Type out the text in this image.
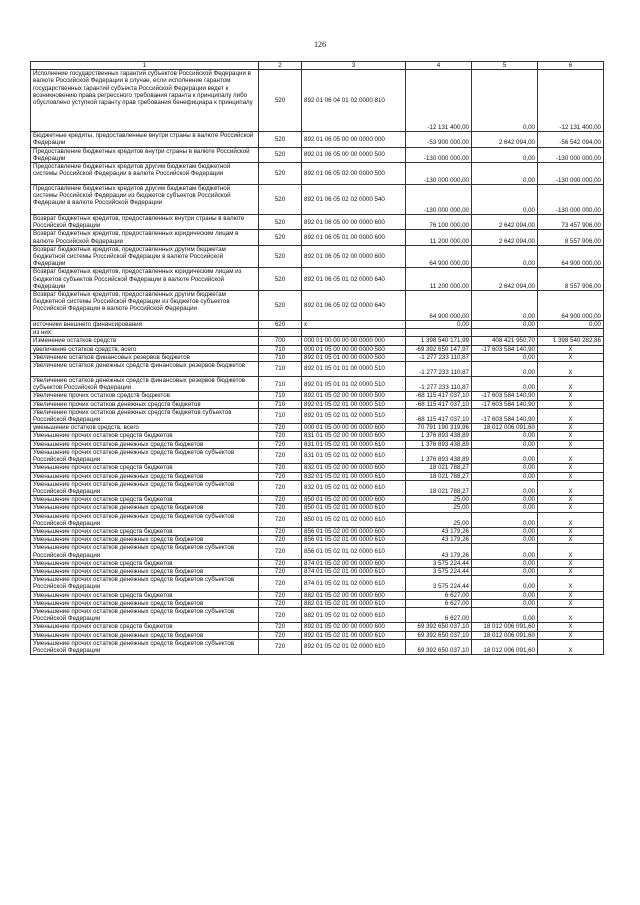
126
1	2	3	4	5	6
Исполнение государственных гарантий субъектов Российской Федерации в валюте Российской Федерации в случае, если исполнение гарантом государственных гарантий субъекта Российской Федерации ведет к возникновению права регрессного требования гаранта к принципалу либо обусловлено уступкой гаранту прав требования бенефициара к принципалу	520	892 01 06 04 01 02 0000 810	-12 131 400,00	0,00	-12 131 400,00
Бюджетные кредиты, предоставленные внутри страны в валюте Российской Федерации	520	892 01 06 05 00 00 0000 000	-53 900 000,00	2 642 094,00	-56 542 094,00
Предоставление бюджетных кредитов внутри страны в валюте Российской Федерации	520	892 01 06 05 00 00 0000 500	-130 000 000,00	0,00	-130 000 000,00
Предоставление бюджетных кредитов другим бюджетам бюджетной системы Российской Федерации в валюте Российской Федерации	520	892 01 06 05 02 00 0000 500	-130 000 000,00	0,00	-130 000 000,00
Предоставление бюджетных кредитов другим бюджетам бюджетной системы Российской Федерации из бюджетов субъектов Российской Федерации в валюте Российской Федерации	520	892 01 06 05 02 02 0000 540	-130 000 000,00	0,00	-130 000 000,00
Возврат бюджетных кредитов, предоставленных внутри страны в валюте Российской Федерации	520	892 01 06 05 00 00 0000 600	76 100 000,00	2 642 094,00	73 457 906,00
Возврат бюджетных кредитов, предоставленных юридическим лицам в валюте Российской Федерации	520	892 01 06 05 01 00 0000 600	11 200 000,00	2 642 094,00	8 557 906,00
Возврат бюджетных кредитов, предоставленных другим бюджетам бюджетной системы Российской Федерации в валюте Российской Федерации	520	892 01 06 05 02 00 0000 600	64 900 000,00	0,00	64 900 000,00
Возврат бюджетных кредитов, предоставленных юридическим лицам из бюджетов субъектов Российской Федерации в валюте Российской Федерации	520	892 01 06 05 01 02 0000 640	11 200 000,00	2 642 094,00	8 557 906,00
Возврат бюджетных кредитов, предоставленных другим бюджетам бюджетной системы Российской Федерации из бюджетов субъектов Российской Федерации в валюте Российской Федерации	520	892 01 06 05 02 02 0000 640	64 900 000,00	0,00	64 900 000,00
источники внешнего финансирования	620	x	0,00	0,00	0,00
из них:					
Изменение остатков средств	700	000 01 00 00 00 00 0000 000	1 398 540 171,99	408 421 950,70	1 398 540 282,86
увеличение остатков средств, всего	710	000 01 05 00 00 00 0000 500	-69 392 650 147,97	-17 603 584 140,90	X
Увеличение остатков финансовых резервов бюджетов	710	892 01 05 01 00 00 0000 500	-1 277 233 110,87	0,00	X
Увеличение остатков денежных средств финансовых резервов бюджетов	710	892 01 05 01 01 00 0000 510	-1 277 233 110,87	0,00	X
Увеличение остатков денежных средств финансовых резервов бюджетов субъектов Российской Федерации	710	892 01 05 01 01 02 0000 510	-1 277 233 110,87	0,00	X
Увеличение прочих остатков средств бюджетов	710	892 01 05 02 00 00 0000 500	-68 115 417 037,10	-17 603 584 140,90	X
Увеличение прочих остатков денежных средств бюджетов	710	892 01 05 02 01 00 0000 510	-68 115 417 037,10	-17 603 584 140,90	X
Увеличение прочих остатков денежных средств бюджетов субъектов Российской Федерации	710	892 01 05 02 01 02 0000 510	-68 115 417 037,10	-17 603 584 140,90	X
уменьшение остатков средств, всего	720	000 01 05 00 00 00 0000 600	70 791 190 319,96	18 012 006 091,60	X
Уменьшение прочих остатков средств бюджетов	720	831 01 05 02 00 00 0000 600	1 376 893 438,89	0,00	X
Уменьшение прочих остатков денежных средств бюджетов	720	831 01 05 02 01 00 0000 610	1 376 893 438,89	0,00	X
Уменьшение прочих остатков денежных средств бюджетов субъектов Российской Федерации	720	831 01 05 02 01 02 0000 610	1 376 893 438,89	0,00	X
Уменьшение прочих остатков средств бюджетов	720	832 01 05 02 00 00 0000 600	18 021 788,27	0,00	X
Уменьшение прочих остатков денежных средств бюджетов	720	832 01 05 02 01 00 0000 610	18 021 788,27	0,00	X
Уменьшение прочих остатков денежных средств бюджетов субъектов Российской Федерации	720	832 01 05 02 01 02 0000 610	18 021 788,27	0,00	X
Уменьшение прочих остатков средств бюджетов	720	850 01 05 02 00 00 0000 600	25,00	0,00	X
Уменьшение прочих остатков денежных средств бюджетов	720	850 01 05 02 01 00 0000 610	25,00	0,00	X
Уменьшение прочих остатков денежных средств бюджетов субъектов Российской Федерации	720	850 01 05 02 01 02 0000 610	25,00	0,00	X
Уменьшение прочих остатков средств бюджетов	720	856 01 05 02 00 00 0000 600	43 179,26	0,00	X
Уменьшение прочих остатков денежных средств бюджетов	720	856 01 05 02 01 00 0000 610	43 179,26	0,00	X
Уменьшение прочих остатков денежных средств бюджетов субъектов Российской Федерации	720	856 01 05 02 01 02 0000 610	43 179,26	0,00	X
Уменьшение прочих остатков средств бюджетов	720	874 01 05 02 00 00 0000 600	3 575 224,44	0,00	X
Уменьшение прочих остатков денежных средств бюджетов	720	874 01 05 02 01 00 0000 610	3 575 224,44	0,00	X
Уменьшение прочих остатков денежных средств бюджетов субъектов Российской Федерации	720	874 01 05 02 01 02 0000 610	3 575 224,44	0,00	X
Уменьшение прочих остатков средств бюджетов	720	882 01 05 02 00 00 0000 600	6 627,00	0,00	X
Уменьшение прочих остатков денежных средств бюджетов	720	882 01 05 02 01 00 0000 610	6 627,00	0,00	X
Уменьшение прочих остатков денежных средств бюджетов субъектов Российской Федерации	720	882 01 05 02 01 02 0000 610	6 627,00	0,00	X
Уменьшение прочих остатков средств бюджетов	720	892 01 05 02 00 00 0000 600	69 392 650 037,10	18 012 006 091,60	X
Уменьшение прочих остатков денежных средств бюджетов	720	892 01 05 02 01 00 0000 610	69 392 650 037,10	18 012 006 091,60	X
Уменьшение прочих остатков денежных средств бюджетов субъектов Российской Федерации	720	892 01 05 02 01 02 0000 610	69 392 650 037,10	18 012 006 091,60	X
